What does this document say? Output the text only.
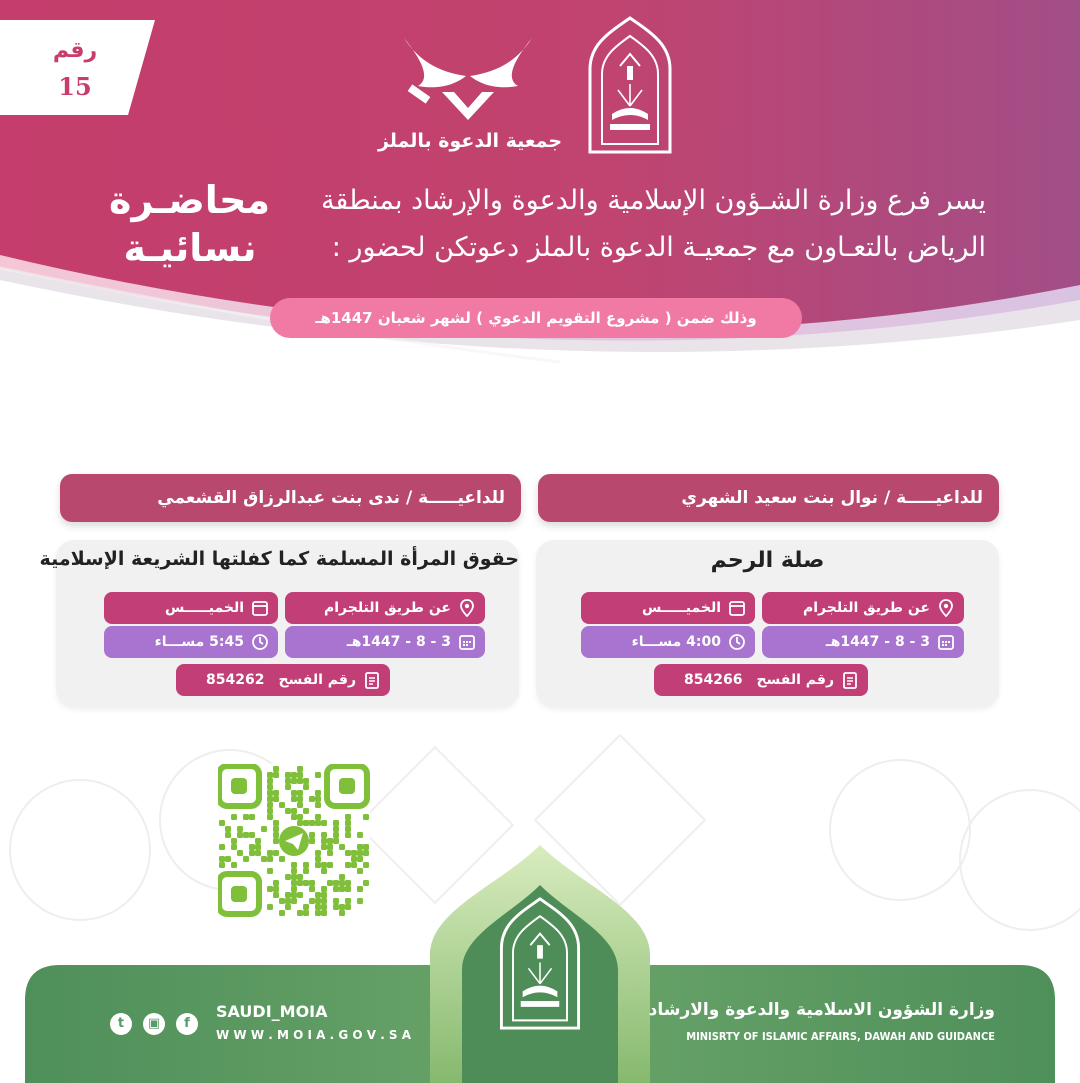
رقم
15
جمعية الدعوة بالملز
يسر فرع وزارة الشـؤون الإسلامية والدعوة والإرشاد بمنطقة
الرياض بالتعـاون مع جمعيـة الدعوة بالملز دعوتكن لحضور :
محاضـرة
نسائيـة
وذلك ضمن ( مشروع التقويم الدعوي ) لشهر شعبان 1447هـ
للداعيـــــة / نوال بنت سعيد الشهري
صلة الرحم
عن طريق التلجرام
الخميـــــس
3 - 8 - 1447هـ
4:00 مســـاء
رقم الفسح
854266
للداعيـــــة / ندى بنت عبدالرزاق القشعمي
حقوق المرأة المسلمة كما كفلتها الشريعة الإسلامية
عن طريق التلجرام
الخميـــــس
3 - 8 - 1447هـ
5:45 مســـاء
رقم الفسح
854262
وزارة الشؤون الاسلامية والدعوة والارشاد
MINISRTY OF ISLAMIC AFFAIRS, DAWAH AND GUIDANCE
SAUDI_MOIA
W W W . M O I A . G O V . S A
t	▣	f
